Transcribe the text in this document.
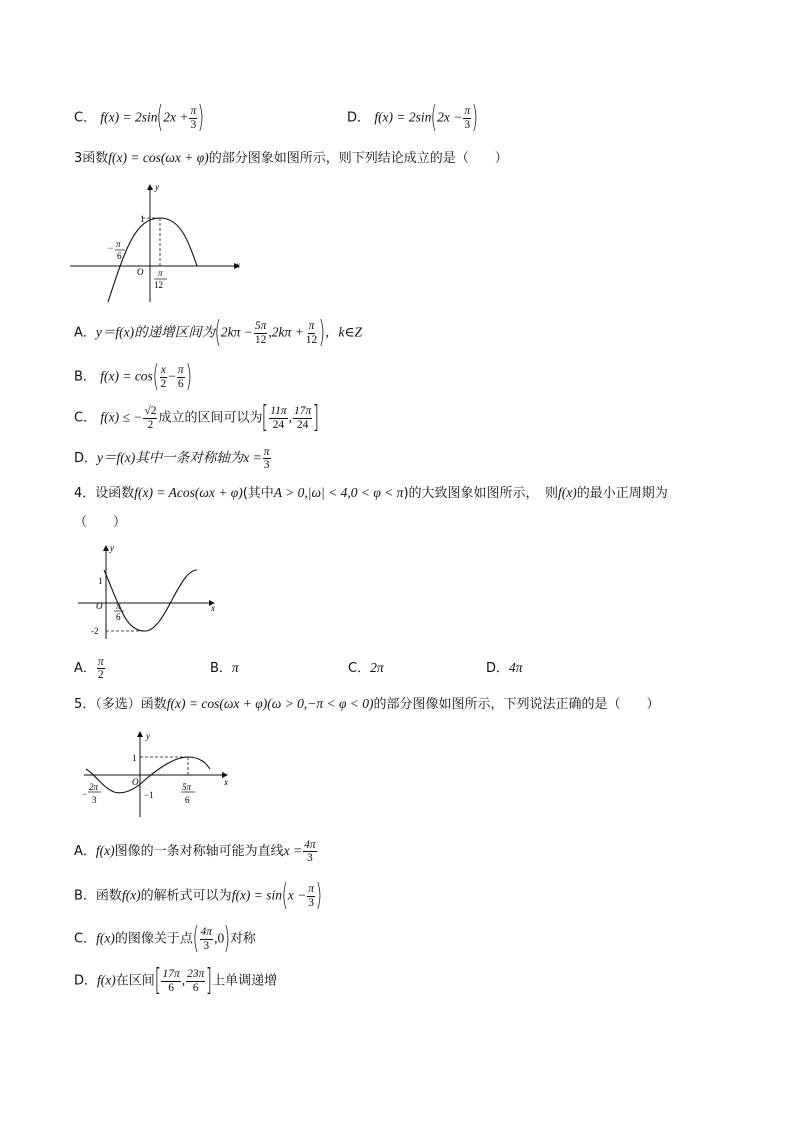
C． $f(x) = 2\sin(2x + \frac{\pi}{3}$ )	D． $f(x) = 2\sin(2x - \frac{\pi}{3}$ )
3函数f(x) = cos(ωx + φ)的部分图象如图所示，则下列结论成立的是（　　）
y
x
O
1
− π
6
π
12
A．y＝f(x)的递增区间为($2k\pi - \frac{5\pi}{12} ,2k\pi + \frac{\pi}{12}$ )，k∈Z
B． $f(x) = \cos( \frac{x}{2} - \frac{\pi}{6}$ )
C． f(x) ≤ − $\frac{√2}{2}$ 成立的区间可以为[ $\frac{11\pi}{24}$ , $\frac{17\pi}{24}$ ]
D．y＝f(x)其中一条对称轴为$x = \frac{\pi}{3}$
4．设函数f(x) = Acos(ωx + φ)(其中A > 0,|ω| < 4,0 < φ < π)的大致图象如图所示，　则f(x)的最小正周期为
（　　）
y
x
O
1
-2
π
6
A． $\frac{\pi}{2}$	B．π	C．2π	D．4π
5．（多选）函数f(x) = cos(ωx + φ)(ω > 0,−π < φ < 0)的部分图像如图所示，下列说法正确的是（　　）
y
x
O
1
−1
−
2π
3
5π
6
A．f(x)图像的一条对称轴可能为直线$x = \frac{4\pi}{3}$
B．函数f(x)的解析式可以为$f(x) = \sin(x - \frac{\pi}{3}$ )
C．f(x)的图像关于点( $\frac{4\pi}{3} ,0$)对称
D．f(x)在区间[ $\frac{17\pi}{6}$ , $\frac{23\pi}{6}$ ]上单调递增
